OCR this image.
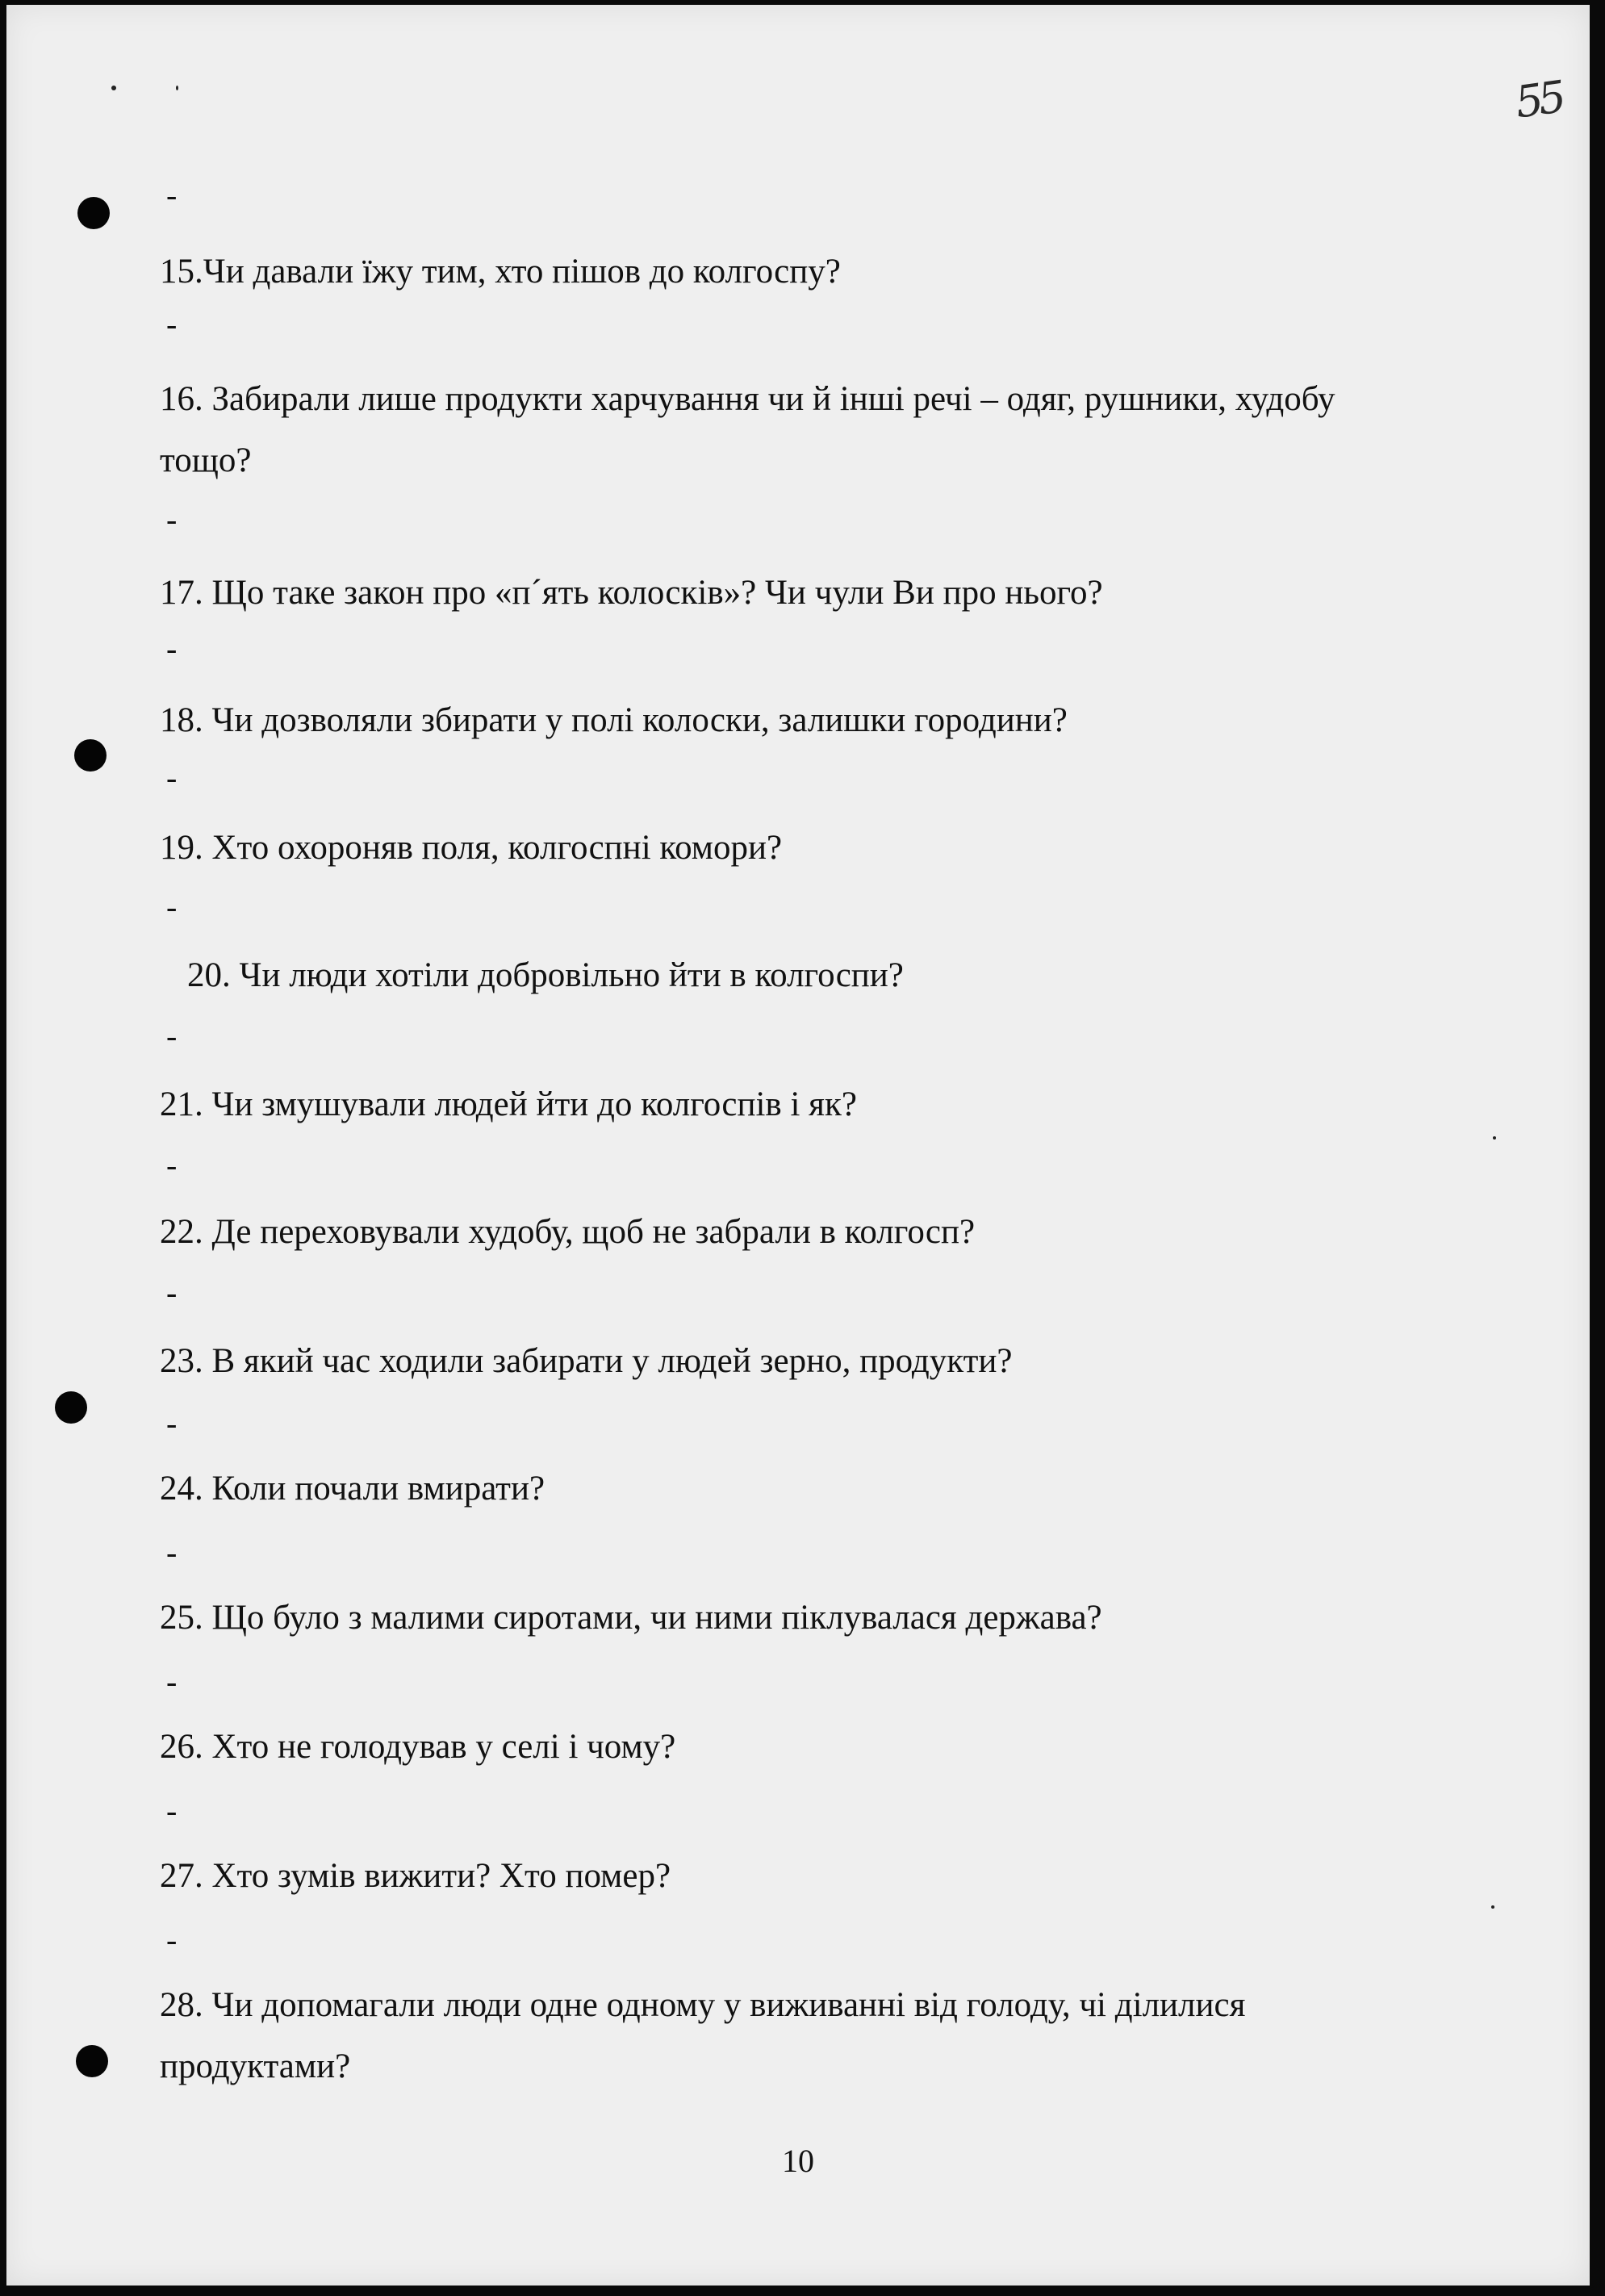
55
-
15.Чи давали їжу тим, хто пішов до колгоспу?
-
16. Забирали лише продукти харчування чи й інші речі – одяг, рушники, худобу
тощо?
-
17. Що таке закон про «п´ять колосків»? Чи чули Ви про нього?
-
18. Чи дозволяли збирати у полі колоски, залишки городини?
-
19. Хто охороняв поля, колгоспні комори?
-
20. Чи люди хотіли добровільно йти в колгоспи?
-
21. Чи змушували людей йти до колгоспів і як?
-
22. Де переховували худобу, щоб не забрали в колгосп?
-
23. В який час ходили забирати у людей зерно, продукти?
-
24. Коли почали вмирати?
-
25. Що було з малими сиротами, чи ними піклувалася держава?
-
26. Хто не голодував у селі і чому?
-
27. Хто зумів вижити? Хто помер?
-
28. Чи допомагали люди одне одному у виживанні від голоду, чі ділилися
продуктами?
10
